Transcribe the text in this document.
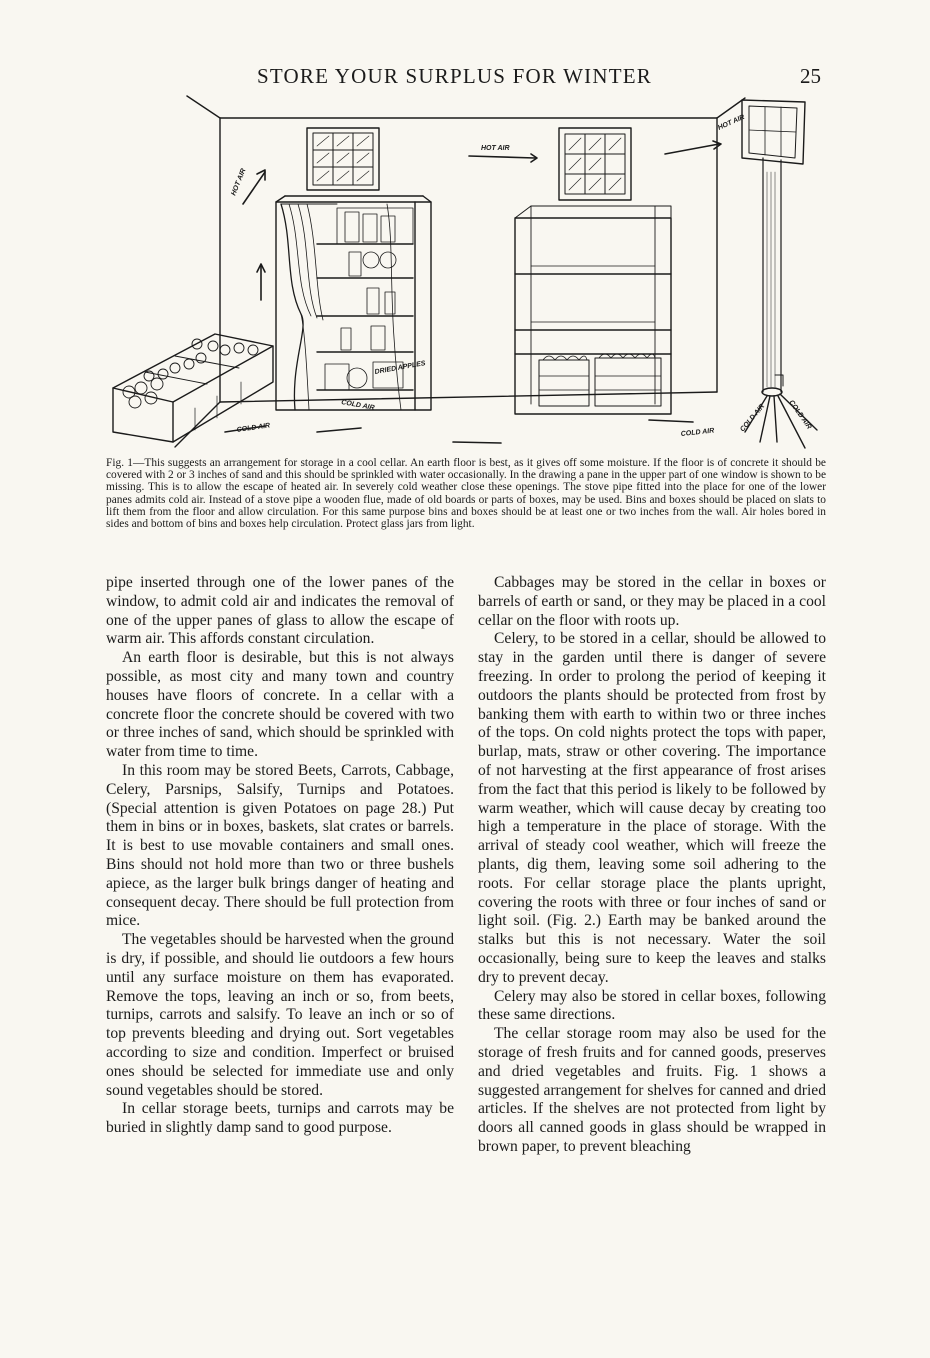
STORE YOUR SURPLUS FOR WINTER	25
HOT AIR
HOT AIR
HOT AIR
COLD AIR
COLD AIR	COLD AIR	COLD AIR	COLD AIR
DRIED APPLES
Fig. 1—This suggests an arrangement for storage in a cool cellar. An earth floor is best, as it gives off some moisture. If the floor is of concrete it should be covered with 2 or 3 inches of sand and this should be sprinkled with water occasionally. In the drawing a pane in the upper part of one window is shown to be missing. This is to allow the escape of heated air. In severely cold weather close these openings. The stove pipe fitted into the place for one of the lower panes admits cold air. Instead of a stove pipe a wooden flue, made of old boards or parts of boxes, may be used. Bins and boxes should be placed on slats to lift them from the floor and allow circulation. For this same purpose bins and boxes should be at least one or two inches from the wall. Air holes bored in sides and bottom of bins and boxes help circulation. Protect glass jars from light.

pipe inserted through one of the lower panes of the window, to admit cold air and indicates the removal of one of the upper panes of glass to allow the escape of warm air. This affords constant circulation.

An earth floor is desirable, but this is not always possible, as most city and many town and country houses have floors of concrete. In a cellar with a concrete floor the concrete should be covered with two or three inches of sand, which should be sprinkled with water from time to time.

In this room may be stored Beets, Carrots, Cabbage, Celery, Parsnips, Salsify, Turnips and Potatoes. (Special attention is given Potatoes on page 28.) Put them in bins or in boxes, baskets, slat crates or barrels. It is best to use movable containers and small ones. Bins should not hold more than two or three bushels apiece, as the larger bulk brings danger of heating and consequent decay. There should be full protection from mice.

The vegetables should be harvested when the ground is dry, if possible, and should lie outdoors a few hours until any surface moisture on them has evaporated. Remove the tops, leaving an inch or so, from beets, turnips, carrots and salsify. To leave an inch or so of top prevents bleeding and drying out. Sort vegetables according to size and condition. Imperfect or bruised ones should be selected for immediate use and only sound vegetables should be stored.

In cellar storage beets, turnips and carrots may be buried in slightly damp sand to good purpose.

Cabbages may be stored in the cellar in boxes or barrels of earth or sand, or they may be placed in a cool cellar on the floor with roots up.

Celery, to be stored in a cellar, should be allowed to stay in the garden until there is danger of severe freezing. In order to prolong the period of keeping it outdoors the plants should be protected from frost by banking them with earth to within two or three inches of the tops. On cold nights protect the tops with paper, burlap, mats, straw or other covering. The importance of not harvesting at the first appearance of frost arises from the fact that this period is likely to be followed by warm weather, which will cause decay by creating too high a temperature in the place of storage. With the arrival of steady cool weather, which will freeze the plants, dig them, leaving some soil adhering to the roots. For cellar storage place the plants upright, covering the roots with three or four inches of sand or light soil. (Fig. 2.) Earth may be banked around the stalks but this is not necessary. Water the soil occasionally, being sure to keep the leaves and stalks dry to prevent decay.

Celery may also be stored in cellar boxes, following these same directions.

The cellar storage room may also be used for the storage of fresh fruits and for canned goods, preserves and dried vegetables and fruits. Fig. 1 shows a suggested arrangement for shelves for canned and dried articles. If the shelves are not protected from light by doors all canned goods in glass should be wrapped in brown paper, to prevent bleaching
